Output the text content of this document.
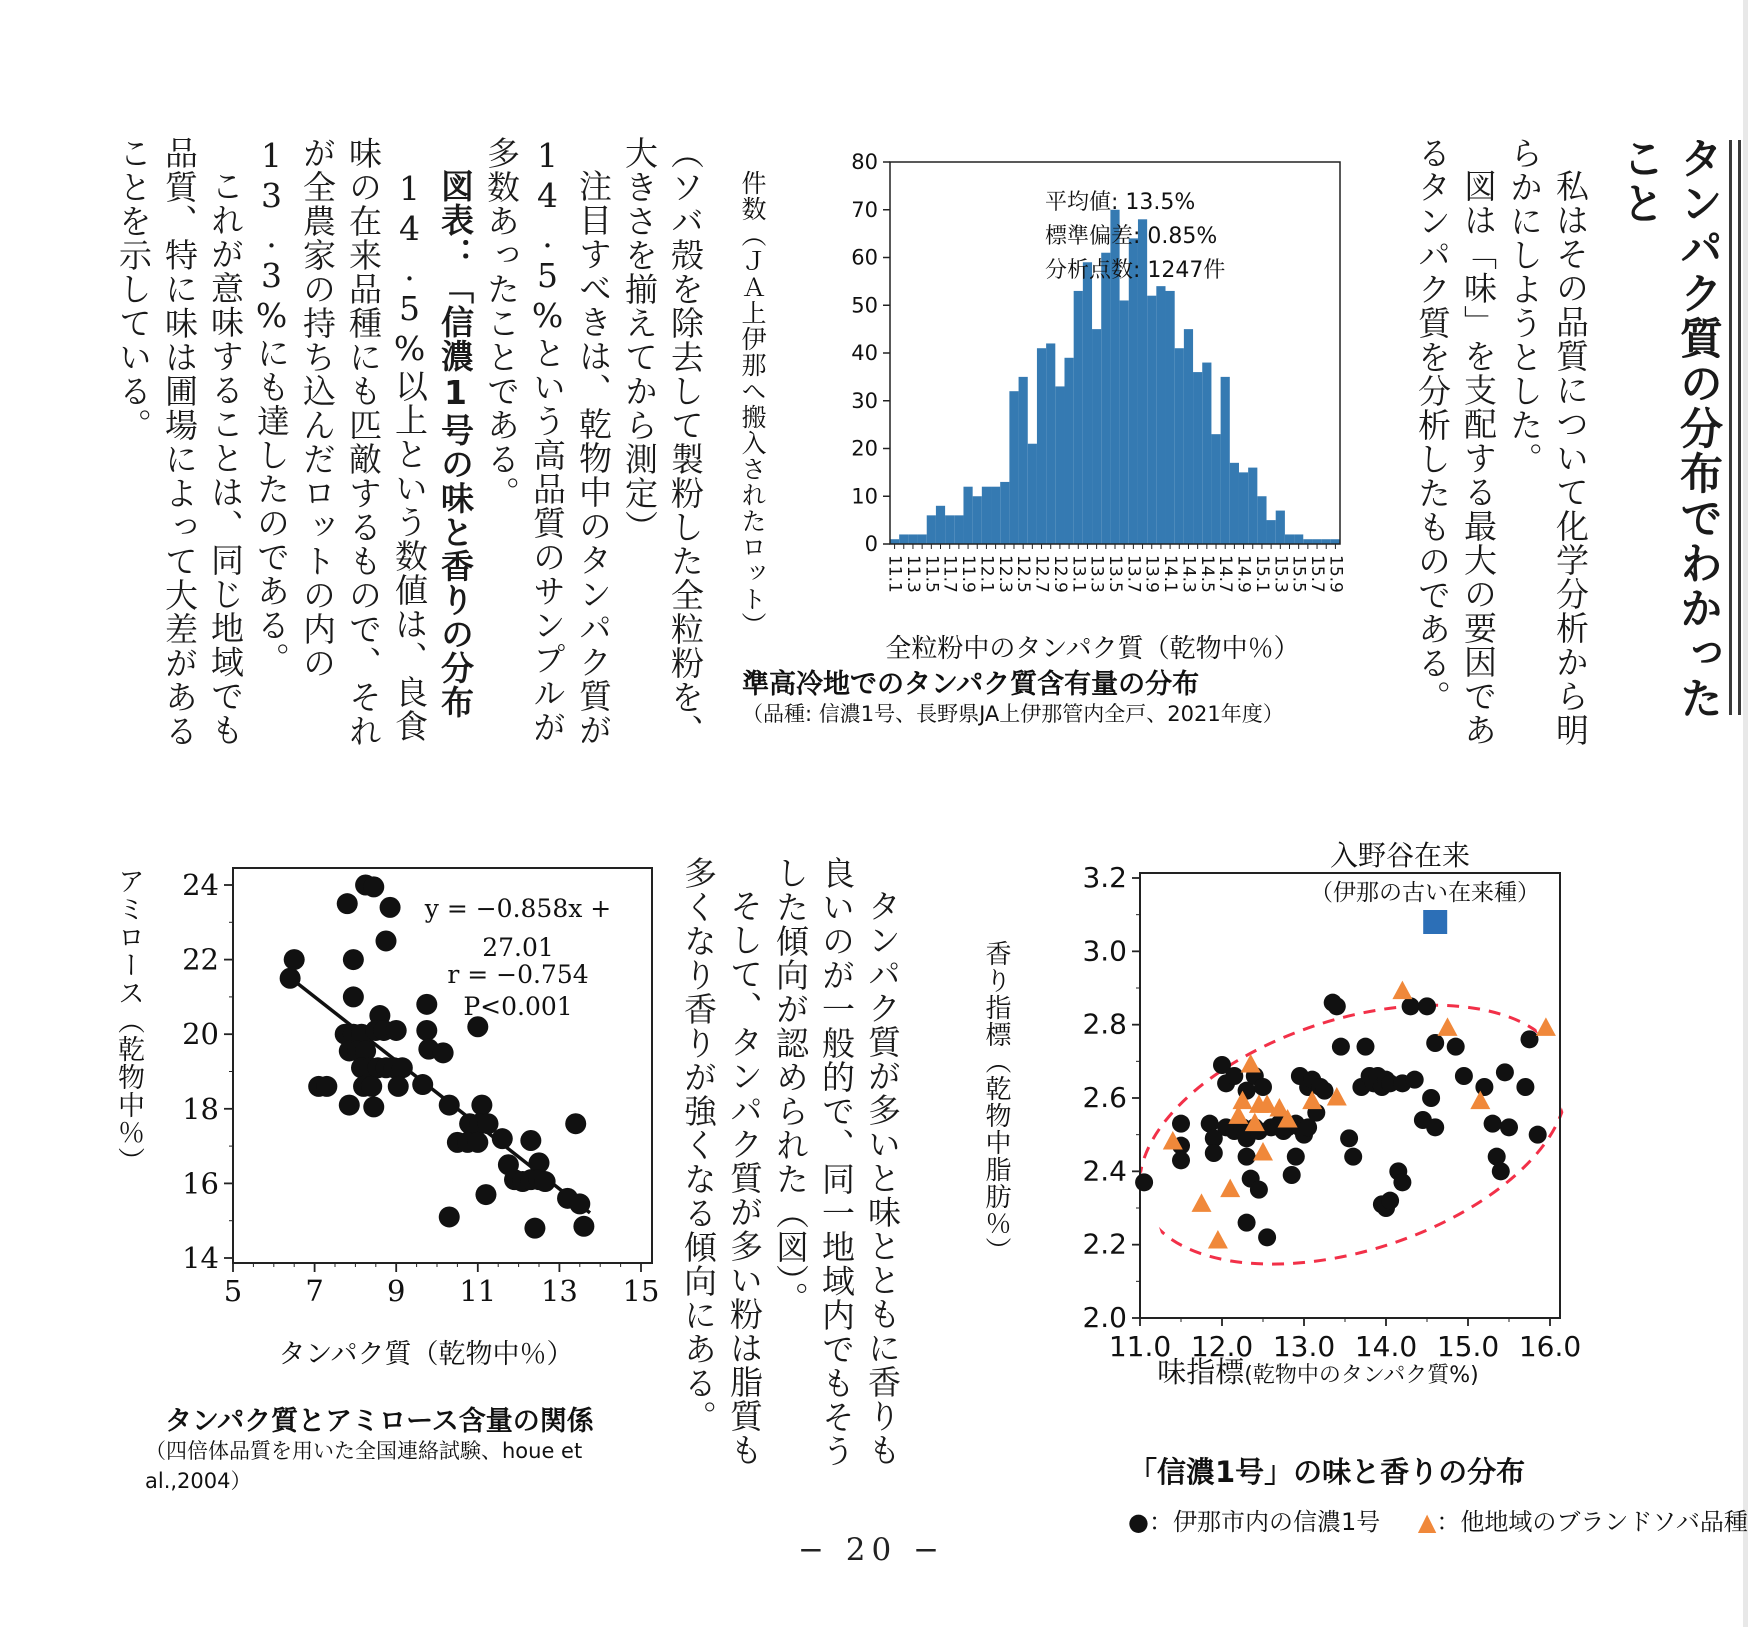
タンパク質の分布でわかったこと

私はその品質について化学分析から明らかにしようとした。

図は「味」を支配する最大の要因であるタンパク質を分析したものである。

件数（ＪＡ上伊那へ搬入されたロット）	0
10
20
30
40
50
60
70
80
11.1
11.3
11.5
11.7
11.9
12.1
12.3
12.5
12.7
12.9
13.1
13.3
13.5
13.7
13.9
14.1
14.3
14.5
14.7
14.9
15.1
15.3
15.5
15.7
15.9
平均値: 13.5%
標準偏差: 0.85%
分析点数: 1247件
全粒粉中のタンパク質（乾物中％）
準高冷地でのタンパク質含有量の分布
（品種: 信濃1号、長野県JA上伊那管内全戸、2021年度）

（ソバ殻を除去して製粉した全粒粉を、大きさを揃えてから測定）

注目すべきは、乾物中のタンパク質が14.5%という高品質のサンプルが多数あったことである。

図表：「信濃1号の味と香りの分布

14.5%以上という数値は、良食味の在来品種にも匹敵するもので、それが全農家の持ち込んだロットの内の13.3%にも達したのである。

これが意味することは、同じ地域でも品質、特に味は圃場によって大差があることを示している。

アミロース（乾物中％）
5 7 9 11 13 15
14
16
18
20
22
24
y = −0.858x + 27.01
r = −0.754
P<0.001
タンパク質（乾物中％）
タンパク質とアミロース含量の関係
（四倍体品質を用いた全国連絡試験、houe et al.,2004）

タンパク質が多いと味とともに香りも良いのが一般的で、同一地域内でもそうした傾向が認められた（図）。

そして、タンパク質が多い粉は脂質も多くなり香りが強くなる傾向にある。

入野谷在来
（伊那の古い在来種）
香り指標（乾物中脂肪％）
11.0 12.0 13.0 14.0 15.0 16.0
2.0
2.2
2.4
2.6
2.8
3.0
3.2
味指標(乾物中のタンパク質%)
「信濃1号」の味と香りの分布
●：伊那市内の信濃1号 ▲：他地域のブランドソバ品種
− 20 −
